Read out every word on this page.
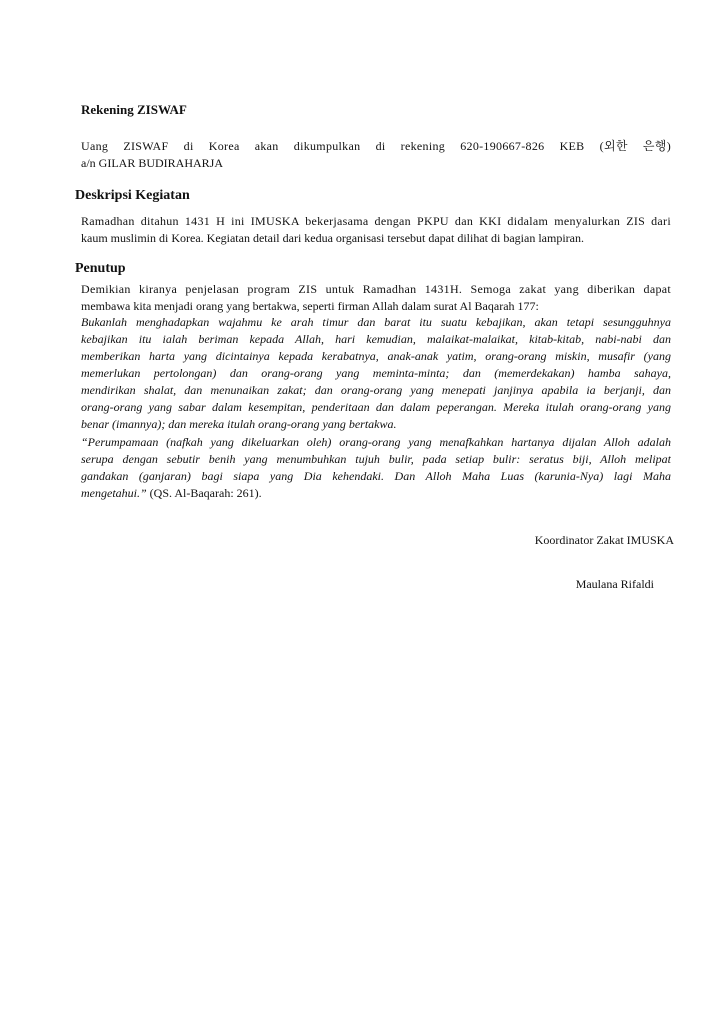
Rekening ZISWAF
Uang ZISWAF di Korea akan dikumpulkan di rekening 620-190667-826 KEB (외한 은행)
a/n GILAR BUDIRAHARJA
Deskripsi Kegiatan
Ramadhan ditahun 1431 H ini IMUSKA bekerjasama dengan PKPU dan KKI didalam menyalurkan ZIS dari
kaum muslimin di Korea. Kegiatan detail dari kedua organisasi tersebut dapat dilihat di bagian lampiran.
Penutup
Demikian kiranya penjelasan program ZIS untuk Ramadhan 1431H. Semoga zakat yang diberikan dapat
membawa kita menjadi orang yang bertakwa, seperti firman Allah dalam surat Al Baqarah 177:
Bukanlah menghadapkan wajahmu ke arah timur dan barat itu suatu kebajikan, akan tetapi sesungguhnya
kebajikan itu ialah beriman kepada Allah, hari kemudian, malaikat-malaikat, kitab-kitab, nabi-nabi dan
memberikan harta yang dicintainya kepada kerabatnya, anak-anak yatim, orang-orang miskin, musafir (yang
memerlukan pertolongan) dan orang-orang yang meminta-minta; dan (memerdekakan) hamba sahaya,
mendirikan shalat, dan menunaikan zakat; dan orang-orang yang menepati janjinya apabila ia berjanji, dan
orang-orang yang sabar dalam kesempitan, penderitaan dan dalam peperangan. Mereka itulah orang-orang yang
benar (imannya); dan mereka itulah orang-orang yang bertakwa.
“Perumpamaan (nafkah yang dikeluarkan oleh) orang-orang yang menafkahkan hartanya dijalan Alloh adalah
serupa dengan sebutir benih yang menumbuhkan tujuh bulir, pada setiap bulir: seratus biji, Alloh melipat
gandakan (ganjaran) bagi siapa yang Dia kehendaki. Dan Alloh Maha Luas (karunia-Nya) lagi Maha
mengetahui.” (QS. Al-Baqarah: 261).
Koordinator Zakat IMUSKA
Maulana Rifaldi
